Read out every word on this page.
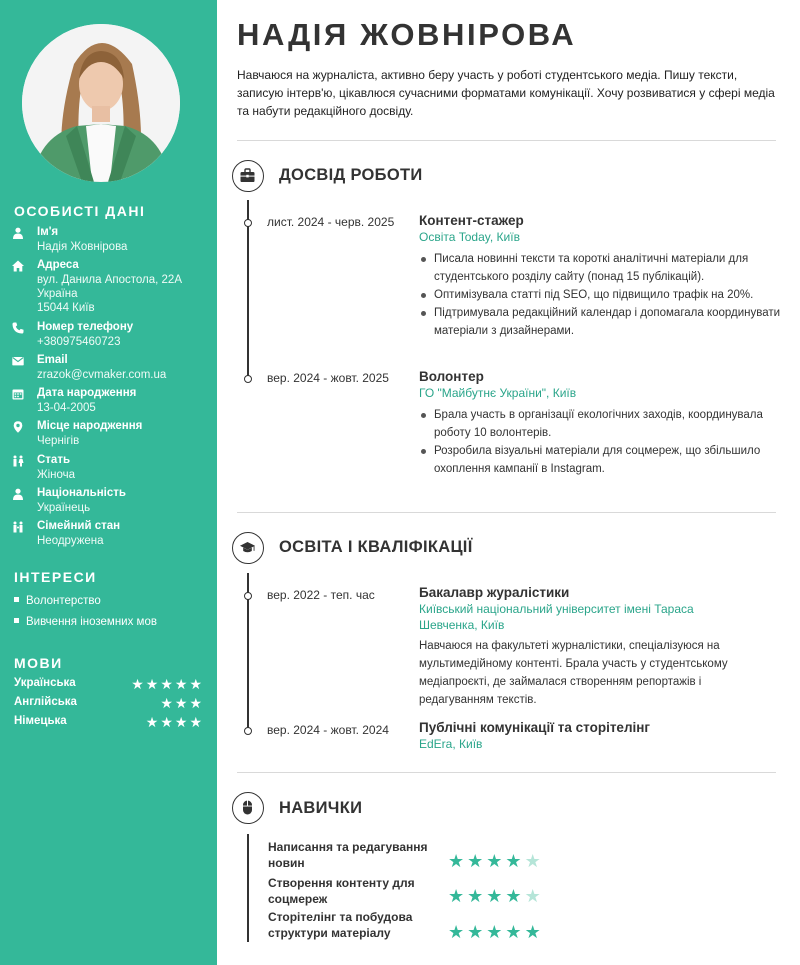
ОСОБИСТІ ДАНІ
Ім'я
Надія Жовнірова
Адреса
вул. Данила Апостола, 22А
Україна
15044 Київ
Номер телефону
+380975460723
Email
zrazok@cvmaker.com.ua
Дата народження
13-04-2005
Місце народження
Чернігів
Стать
Жіноча
Національність
Українець
Сімейний стан
Неодружена
ІНТЕРЕСИ
Волонтерство
Вивчення іноземних мов
МОВИ
Українська	★★★★★
Англійська	★★★
Німецька	★★★★
НАДІЯ ЖОВНІРОВА
Навчаюся на журналіста, активно беру участь у роботі студентського медіа. Пишу тексти, записую інтерв'ю, цікавлюся сучасними форматами комунікації. Хочу розвиватися у сфері медіа та набути редакційного досвіду.
ДОСВІД РОБОТИ
лист. 2024 - черв. 2025 Контент-стажер
Освіта Today, Київ
Писала новинні тексти та короткі аналітичні матеріали для студентського розділу сайту (понад 15 публікацій).
Оптимізувала статті під SEO, що підвищило трафік на 20%.
Підтримувала редакційний календар і допомагала координувати матеріали з дизайнерами.
вер. 2024 - жовт. 2025 Волонтер
ГО "Майбутнє України", Київ
Брала участь в організації екологічних заходів, координувала роботу 10 волонтерів.
Розробила візуальні матеріали для соцмереж, що збільшило охоплення кампанії в Instagram.
ОСВІТА І КВАЛІФІКАЦІЇ
вер. 2022 - теп. час	Бакалавр журалістики
Київський національний університет імені Тараса Шевченка, Київ
Навчаюся на факультеті журналістики, спеціалізуюся на мультимедійному контенті. Брала участь у студентському медіапроєкті, де займалася створенням репортажів і редагуванням текстів.
вер. 2024 - жовт. 2024 Публічні комунікації та сторітелінг
EdEra, Київ
НАВИЧКИ
Написання та редагування новин	★★★★★
Створення контенту для соцмереж	★★★★★
Сторітелінг та побудова структури матеріалу	★★★★★
